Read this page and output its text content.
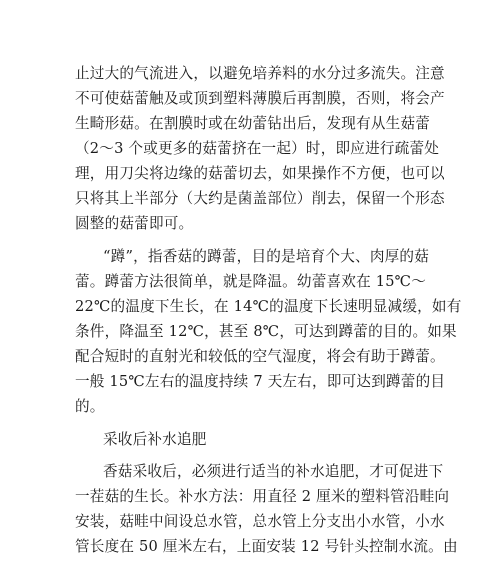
止过大的气流进入，以避免培养料的水分过多流失。注意
不可使菇蕾触及或顶到塑料薄膜后再割膜，否则，将会产
生畸形菇。在割膜时或在幼蕾钻出后，发现有从生菇蕾
（2～3 个或更多的菇蕾挤在一起）时，即应进行疏蕾处
理，用刀尖将边缘的菇蕾切去，如果操作不方便，也可以
只将其上半部分（大约是菌盖部位）削去，保留一个形态
圆整的菇蕾即可。
“蹲”，指香菇的蹲蕾，目的是培育个大、肉厚的菇
蕾。蹲蕾方法很简单，就是降温。幼蕾喜欢在 15℃～
22℃的温度下生长，在 14℃的温度下长速明显减缓，如有
条件，降温至 12℃，甚至 8℃，可达到蹲蕾的目的。如果
配合短时的直射光和较低的空气湿度，将会有助于蹲蕾。
一般 15℃左右的温度持续 7 天左右，即可达到蹲蕾的目
的。
采收后补水追肥
香菇采收后，必须进行适当的补水追肥，才可促进下
一茬菇的生长。补水方法：用直径 2 厘米的塑料管沿畦向
安装，菇畦中间设总水管，总水管上分支出小水管，小水
管长度在 50 厘米左右，上面安装 12 号针头控制水流。由
